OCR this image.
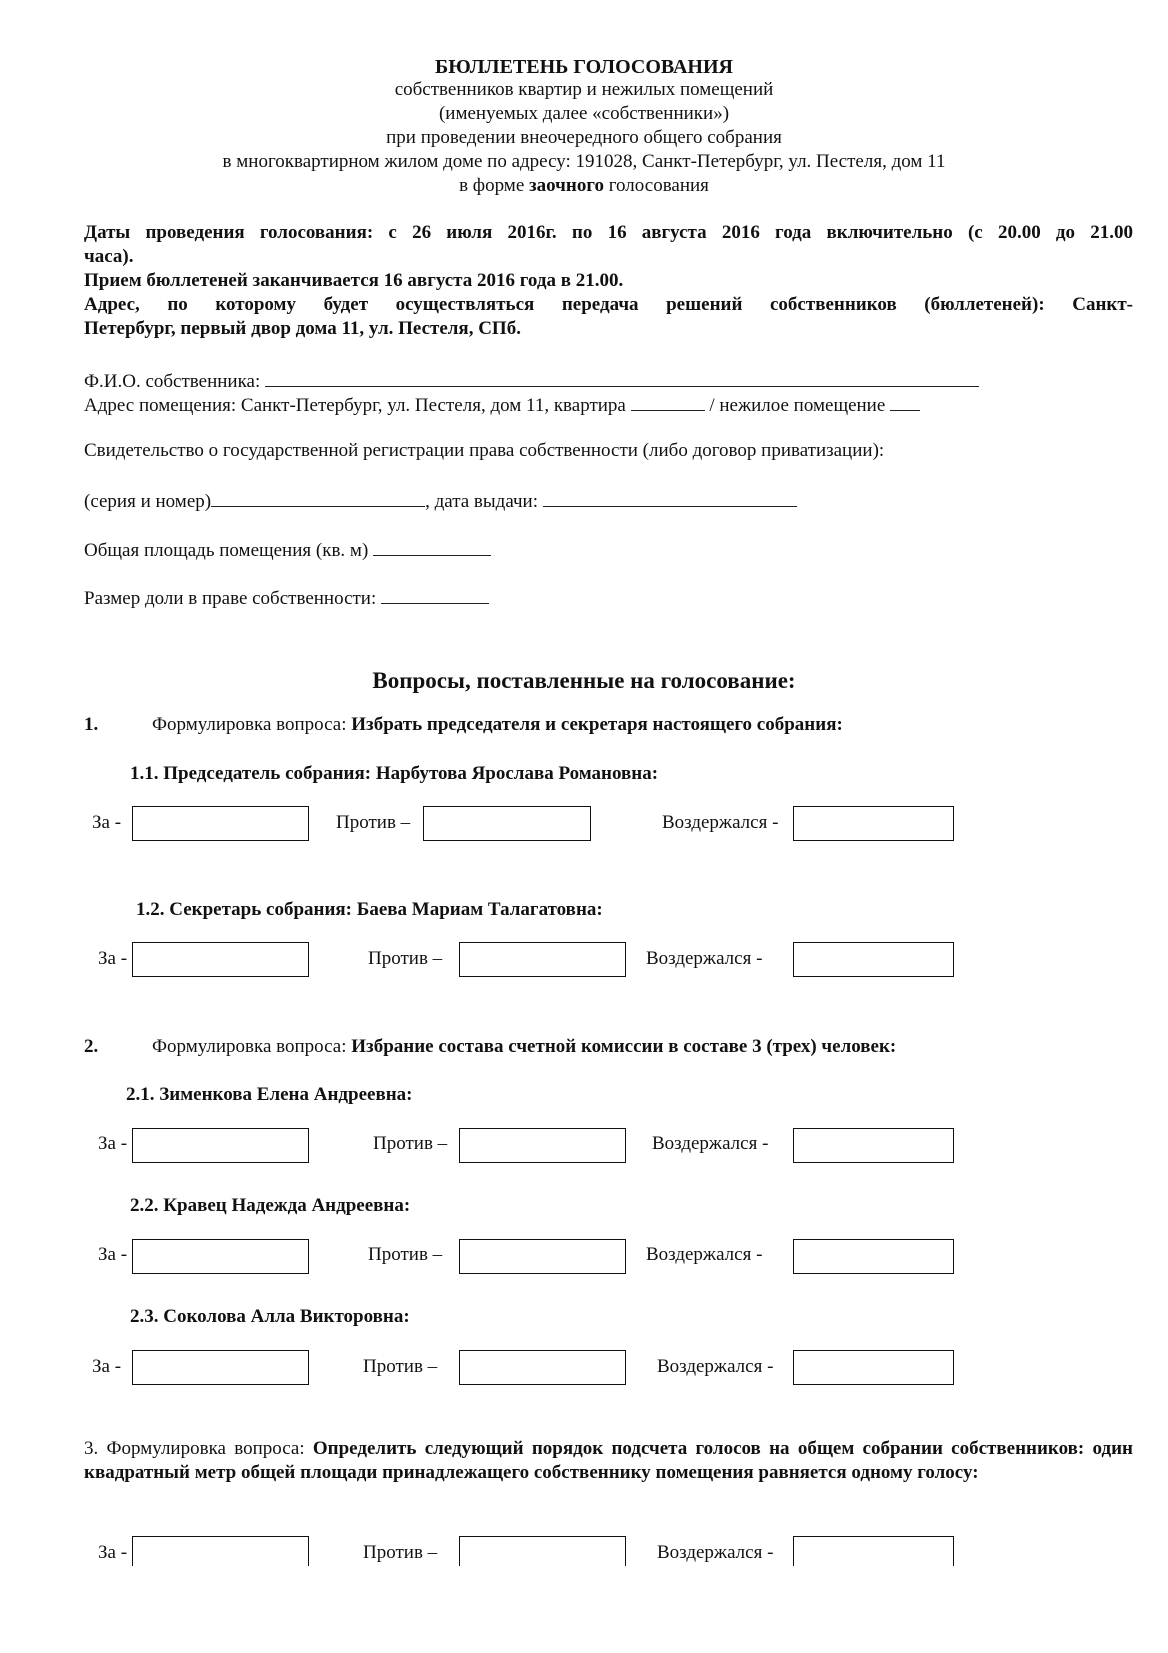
БЮЛЛЕТЕНЬ ГОЛОСОВАНИЯ
собственников квартир и нежилых помещений
(именуемых далее «собственники»)
при проведении внеочередного общего собрания
в многоквартирном жилом доме по адресу: 191028, Санкт-Петербург, ул. Пестеля, дом 11
в форме заочного голосования
Даты проведения голосования: с 26 июля 2016г. по 16 августа 2016 года включительно (с 20.00 до 21.00
часа).
Прием бюллетеней заканчивается 16 августа 2016 года в 21.00.
Адрес, по которому будет осуществляться передача решений собственников (бюллетеней): Санкт-
Петербург, первый двор дома 11, ул. Пестеля, СПб.
Ф.И.О. собственника:
Адрес помещения: Санкт-Петербург, ул. Пестеля, дом 11, квартира	/ нежилое помещение
Свидетельство о государственной регистрации права собственности (либо договор приватизации):
(серия и номер)	, дата выдачи:
Общая площадь помещения (кв. м)
Размер доли в праве собственности:
Вопросы, поставленные на голосование:
1.	Формулировка вопроса: Избрать председателя и секретаря настоящего собрания:
1.1. Председатель собрания: Нарбутова Ярослава Романовна:
За -	Против –	Воздержался -
1.2. Секретарь собрания: Баева Мариам Талагатовна:
За -	Против –	Воздержался -
2.	Формулировка вопроса: Избрание состава счетной комиссии в составе 3 (трех) человек:
2.1. Зименкова Елена Андреевна:
За -	Против –	Воздержался -
2.2. Кравец Надежда Андреевна:
За -	Против –	Воздержался -
2.3. Соколова Алла Викторовна:
За -	Против –	Воздержался -
3. Формулировка вопроса: Определить следующий порядок подсчета голосов на общем собрании собственников: один квадратный метр общей площади принадлежащего собственнику помещения равняется одному голосу:
За -	Против –	Воздержался -
